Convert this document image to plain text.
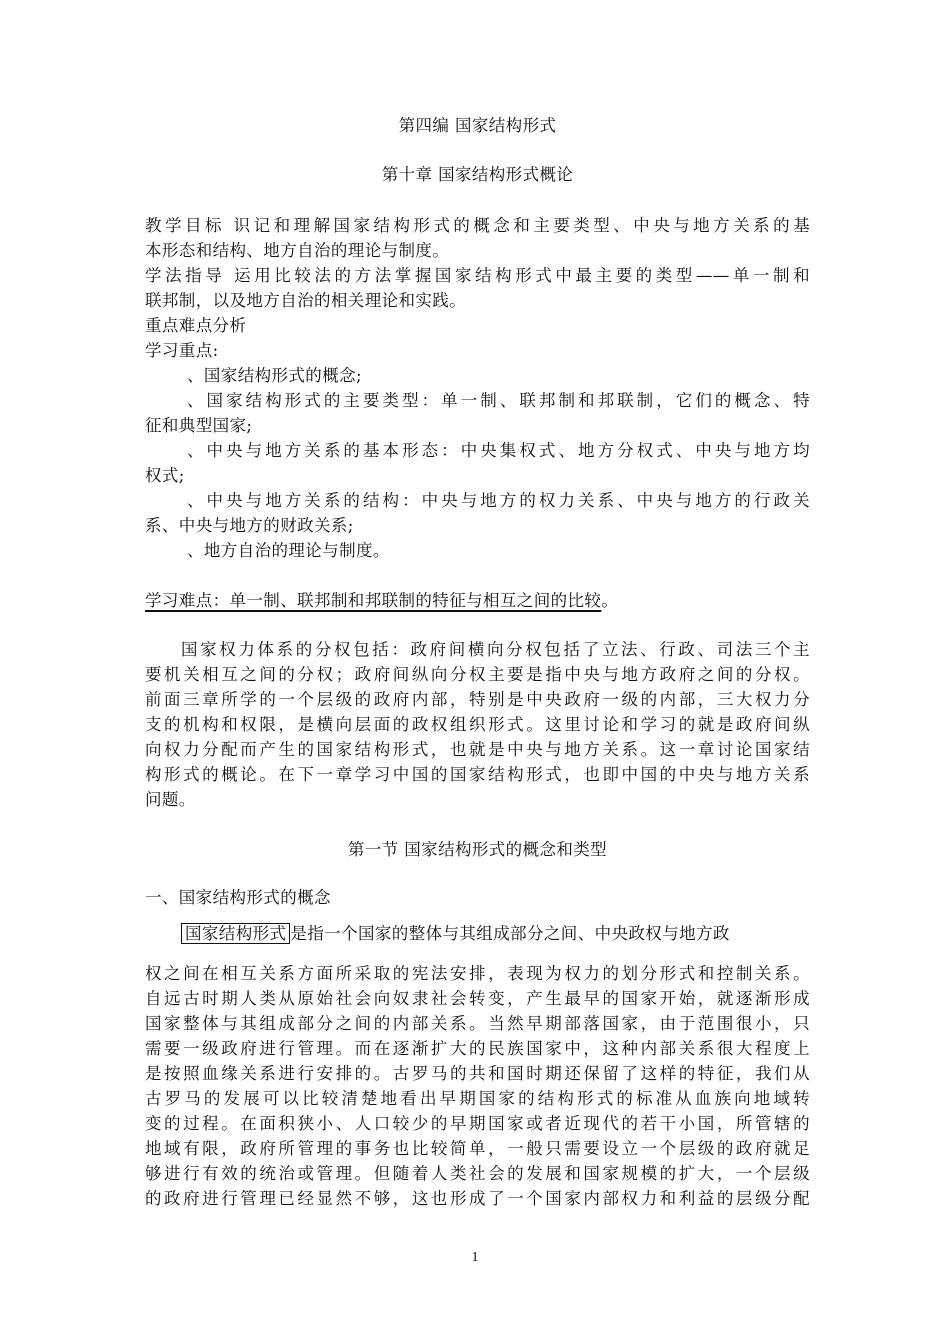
第四编 国家结构形式
第十章 国家结构形式概论
教学目标 识记和理解国家结构形式的概念和主要类型、中央与地方关系的基
本形态和结构、地方自治的理论与制度。
学法指导 运用比较法的方法掌握国家结构形式中最主要的类型——单一制和
联邦制，以及地方自治的相关理论和实践。
重点难点分析
学习重点:
、国家结构形式的概念;
、国家结构形式的主要类型：单一制、联邦制和邦联制，它们的概念、特
征和典型国家;
、中央与地方关系的基本形态：中央集权式、地方分权式、中央与地方均
权式;
、中央与地方关系的结构：中央与地方的权力关系、中央与地方的行政关
系、中央与地方的财政关系;
、地方自治的理论与制度。
学习难点：单一制、联邦制和邦联制的特征与相互之间的比较。
国家权力体系的分权包括：政府间横向分权包括了立法、行政、司法三个主
要机关相互之间的分权；政府间纵向分权主要是指中央与地方政府之间的分权。
前面三章所学的一个层级的政府内部，特别是中央政府一级的内部，三大权力分
支的机构和权限，是横向层面的政权组织形式。这里讨论和学习的就是政府间纵
向权力分配而产生的国家结构形式，也就是中央与地方关系。这一章讨论国家结
构形式的概论。在下一章学习中国的国家结构形式，也即中国的中央与地方关系
问题。
第一节 国家结构形式的概念和类型
一、国家结构形式的概念
国家结构形式 是指一个国家的整体与其组成部分之间、中央政权与地方政
权之间在相互关系方面所采取的宪法安排，表现为权力的划分形式和控制关系。
自远古时期人类从原始社会向奴隶社会转变，产生最早的国家开始，就逐渐形成
国家整体与其组成部分之间的内部关系。当然早期部落国家，由于范围很小，只
需要一级政府进行管理。而在逐渐扩大的民族国家中，这种内部关系很大程度上
是按照血缘关系进行安排的。古罗马的共和国时期还保留了这样的特征，我们从
古罗马的发展可以比较清楚地看出早期国家的结构形式的标准从血族向地域转
变的过程。在面积狭小、人口较少的早期国家或者近现代的若干小国，所管辖的
地域有限，政府所管理的事务也比较简单，一般只需要设立一个层级的政府就足
够进行有效的统治或管理。但随着人类社会的发展和国家规模的扩大，一个层级
的政府进行管理已经显然不够，这也形成了一个国家内部权力和利益的层级分配
1
